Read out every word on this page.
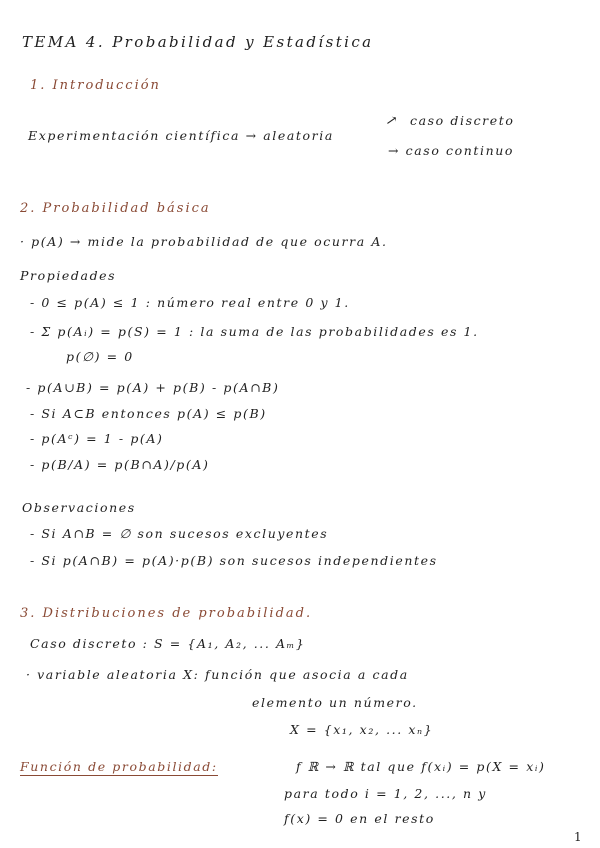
TEMA 4. Probabilidad y Estadística
1. Introducción
Experimentación científica → aleatoria
→ caso discreto
→ caso continuo
2. Probabilidad básica
· p(A) → mide la probabilidad de que ocurra A.
Propiedades
- 0 ≤ p(A) ≤ 1 : número real entre 0 y 1.
- Σ p(Aᵢ) = p(S) = 1 : la suma de las probabilidades es 1.
p(∅) = 0
- p(A∪B) = p(A) + p(B) - p(A∩B)
- Si A⊂B entonces p(A) ≤ p(B)
- p(Aᶜ) = 1 - p(A)
- p(B/A) = p(B∩A)/p(A)
Observaciones
- Si A∩B = ∅ son sucesos excluyentes
- Si p(A∩B) = p(A)·p(B) son sucesos independientes
3. Distribuciones de probabilidad.
Caso discreto : S = {A₁, A₂, ... Aₘ}
· variable aleatoria X: función que asocia a cada
elemento un número.
X = {x₁, x₂, ... xₙ}
Función de probabilidad:	f ℝ → ℝ tal que f(xᵢ) = p(X = xᵢ)
para todo i = 1, 2, ..., n y
f(x) = 0 en el resto
1
